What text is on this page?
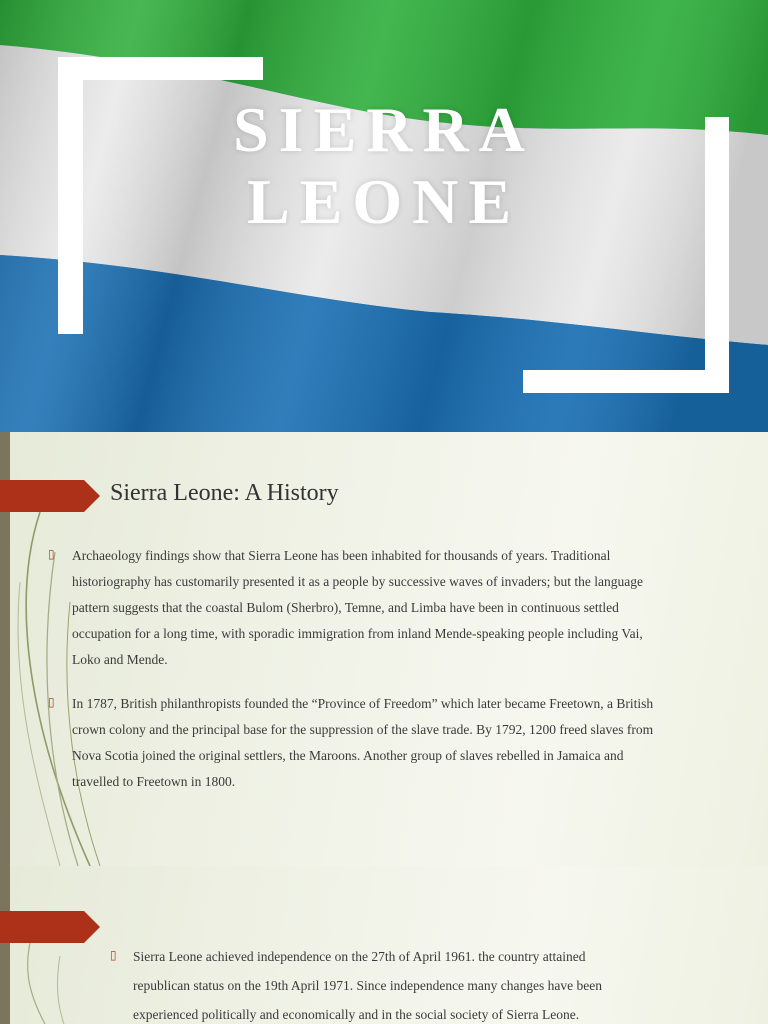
SIERRA
LEONE
Sierra Leone: A History
▯ Archaeology findings show that Sierra Leone has been inhabited for thousands of years. Traditional
historiography has customarily presented it as a people by successive waves of invaders; but the language
pattern suggests that the coastal Bulom (Sherbro), Temne, and Limba have been in continuous settled
occupation for a long time, with sporadic immigration from inland Mende-speaking people including Vai,
Loko and Mende.
▯ In 1787, British philanthropists founded the “Province of Freedom” which later became Freetown, a British
crown colony and the principal base for the suppression of the slave trade. By 1792, 1200 freed slaves from
Nova Scotia joined the original settlers, the Maroons. Another group of slaves rebelled in Jamaica and
travelled to Freetown in 1800.
▯ Sierra Leone achieved independence on the 27th of April 1961. the country attained
republican status on the 19th April 1971. Since independence many changes have been
experienced politically and economically and in the social society of Sierra Leone.
